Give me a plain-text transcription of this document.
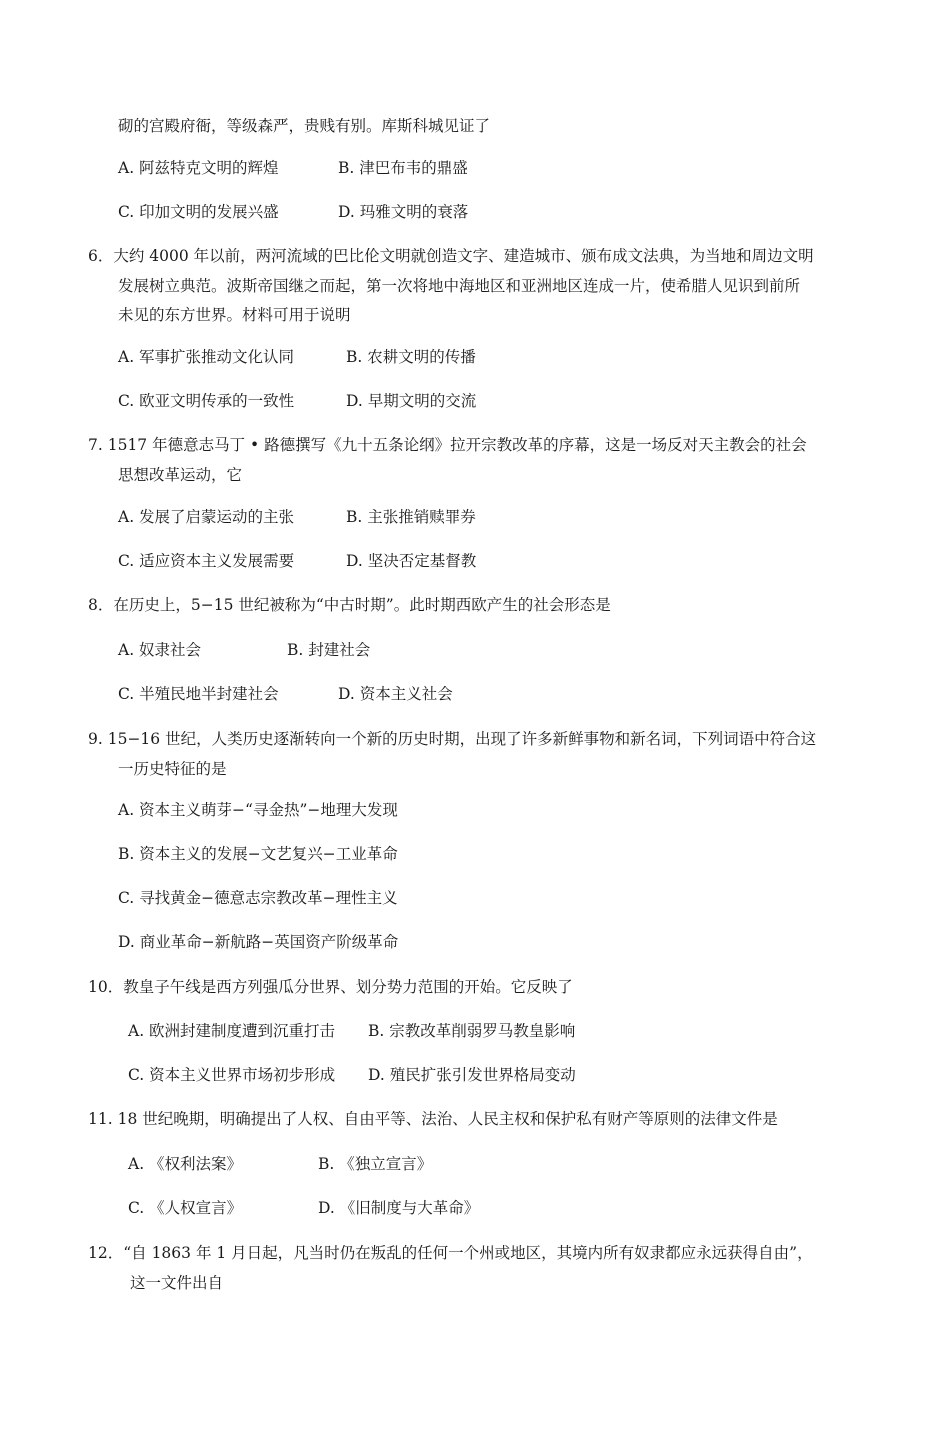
砌的宫殿府衙，等级森严，贵贱有别。库斯科城见证了
A. 阿兹特克文明的辉煌	B. 津巴布韦的鼎盛
C. 印加文明的发展兴盛	D. 玛雅文明的衰落
6．大约 4000 年以前，两河流域的巴比伦文明就创造文字、建造城市、颁布成文法典，为当地和周边文明
发展树立典范。波斯帝国继之而起，第一次将地中海地区和亚洲地区连成一片，使希腊人见识到前所
未见的东方世界。材料可用于说明
A. 军事扩张推动文化认同	B. 农耕文明的传播
C. 欧亚文明传承的一致性	D. 早期文明的交流
7. 1517 年德意志马丁 • 路德撰写《九十五条论纲》拉开宗教改革的序幕，这是一场反对天主教会的社会
思想改革运动，它
A. 发展了启蒙运动的主张	B. 主张推销赎罪券
C. 适应资本主义发展需要	D. 坚决否定基督教
8．在历史上，5−15 世纪被称为“中古时期”。此时期西欧产生的社会形态是
A. 奴隶社会	B. 封建社会
C. 半殖民地半封建社会	D. 资本主义社会
9. 15−16 世纪，人类历史逐渐转向一个新的历史时期，出现了许多新鲜事物和新名词，下列词语中符合这
一历史特征的是
A. 资本主义萌芽−“寻金热”−地理大发现
B. 资本主义的发展−文艺复兴−工业革命
C. 寻找黄金−德意志宗教改革−理性主义
D. 商业革命−新航路−英国资产阶级革命
10．教皇子午线是西方列强瓜分世界、划分势力范围的开始。它反映了
A. 欧洲封建制度遭到沉重打击 B. 宗教改革削弱罗马教皇影响
C. 资本主义世界市场初步形成 D. 殖民扩张引发世界格局变动
11. 18 世纪晚期，明确提出了人权、自由平等、法治、人民主权和保护私有财产等原则的法律文件是
A. 《权利法案》	B. 《独立宣言》
C. 《人权宣言》	D. 《旧制度与大革命》
12．“自 1863 年 1 月日起，凡当时仍在叛乱的任何一个州或地区，其境内所有奴隶都应永远获得自由”，
这一文件出自
